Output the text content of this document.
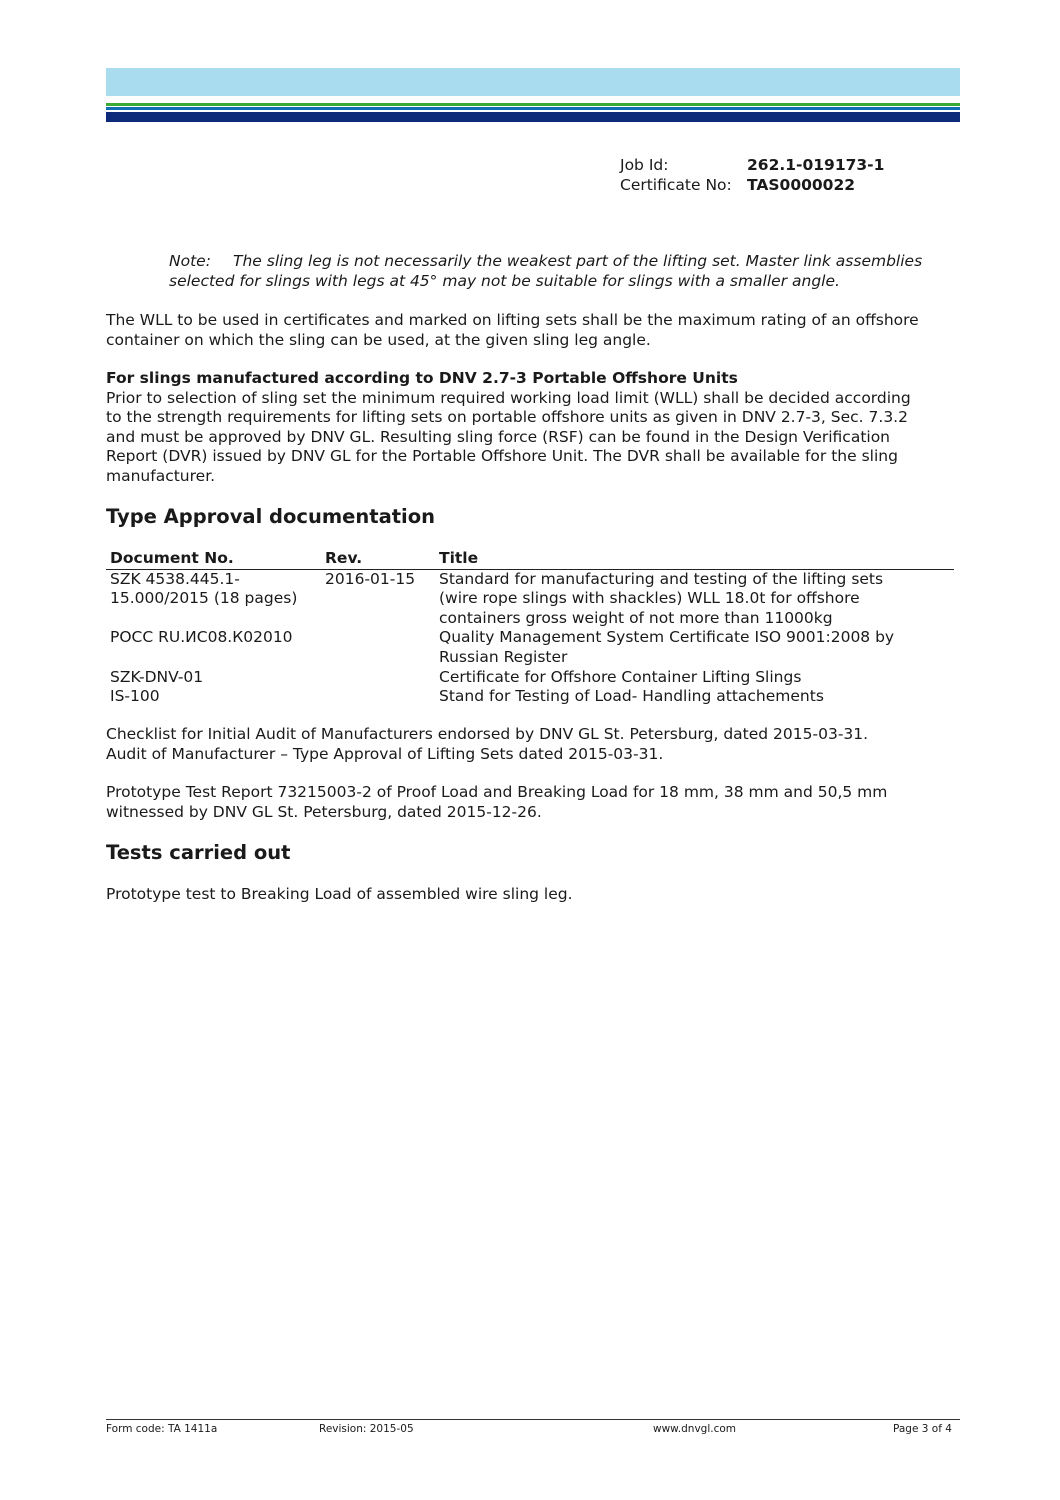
Job Id:	262.1-019173-1
Certificate No: TAS0000022
Note: The sling leg is not necessarily the weakest part of the lifting set. Master link assemblies
selected for slings with legs at 45° may not be suitable for slings with a smaller angle.
The WLL to be used in certificates and marked on lifting sets shall be the maximum rating of an offshore
container on which the sling can be used, at the given sling leg angle.
For slings manufactured according to DNV 2.7-3 Portable Offshore Units
Prior to selection of sling set the minimum required working load limit (WLL) shall be decided according
to the strength requirements for lifting sets on portable offshore units as given in DNV 2.7-3, Sec. 7.3.2
and must be approved by DNV GL. Resulting sling force (RSF) can be found in the Design Verification
Report (DVR) issued by DNV GL for the Portable Offshore Unit. The DVR shall be available for the sling
manufacturer.
Type Approval documentation
Document No.	Rev.	Title
SZK 4538.445.1-
15.000/2015 (18 pages)	2016-01-15	Standard for manufacturing and testing of the lifting sets
(wire rope slings with shackles) WLL 18.0t for offshore
containers gross weight of not more than 11000kg
РОСС RU.ИС08.К02010		Quality Management System Certificate ISO 9001:2008 by
Russian Register
SZK-DNV-01		Certificate for Offshore Container Lifting Slings
IS-100		Stand for Testing of Load- Handling attachements
Checklist for Initial Audit of Manufacturers endorsed by DNV GL St. Petersburg, dated 2015-03-31.
Audit of Manufacturer – Type Approval of Lifting Sets dated 2015-03-31.
Prototype Test Report 73215003-2 of Proof Load and Breaking Load for 18 mm, 38 mm and 50,5 mm
witnessed by DNV GL St. Petersburg, dated 2015-12-26.
Tests carried out
Prototype test to Breaking Load of assembled wire sling leg.
Form code: TA 1411a	Revision: 2015-05	www.dnvgl.com	Page 3 of 4
